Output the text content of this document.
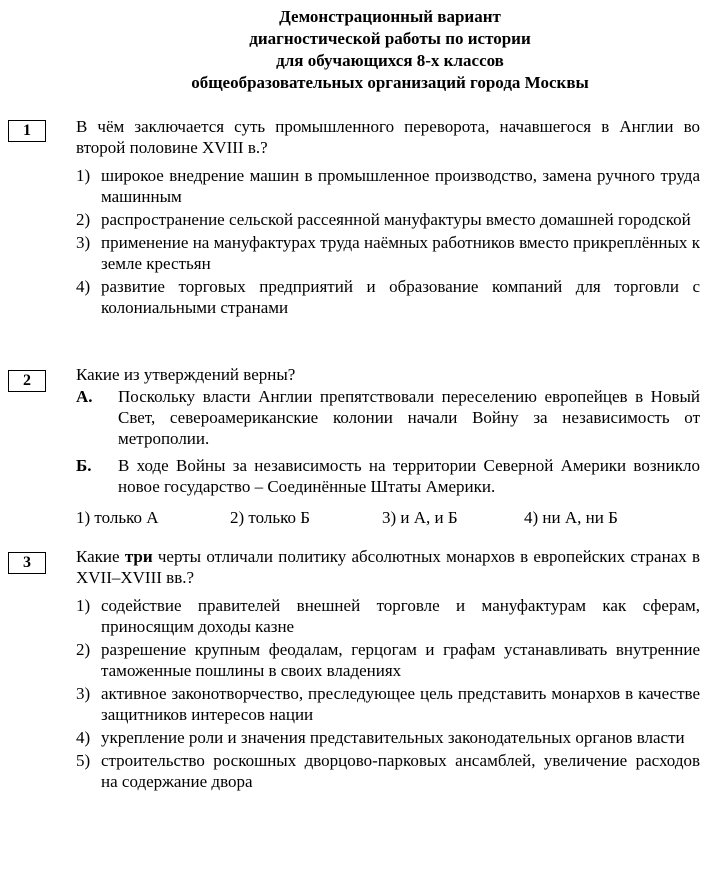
Демонстрационный вариант
диагностической работы по истории
для обучающихся 8-х классов
общеобразовательных организаций города Москвы
1	В чём заключается суть промышленного переворота, начавшегося в Англии во второй половине XVIII в.?
1) широкое внедрение машин в промышленное производство, замена ручного труда машинным
2) распространение сельской рассеянной мануфактуры вместо домашней городской
3) применение на мануфактурах труда наёмных работников вместо прикреплённых к земле крестьян
4) развитие торговых предприятий и образование компаний для торговли с колониальными странами
2	Какие из утверждений верны?
А.	Поскольку власти Англии препятствовали переселению европейцев в Новый Свет, североамериканские колонии начали Войну за независимость от метрополии.
Б.	В ходе Войны за независимость на территории Северной Америки возникло новое государство – Соединённые Штаты Америки.
1) только А	2) только Б	3) и А, и Б	4) ни А, ни Б
3	Какие три черты отличали политику абсолютных монархов в европейских странах в XVII–XVIII вв.?
1) содействие правителей внешней торговле и мануфактурам как сферам, приносящим доходы казне
2) разрешение крупным феодалам, герцогам и графам устанавливать внутренние таможенные пошлины в своих владениях
3) активное законотворчество, преследующее цель представить монархов в качестве защитников интересов нации
4) укрепление роли и значения представительных законодательных органов власти
5) строительство роскошных дворцово-парковых ансамблей, увеличение расходов на содержание двора
